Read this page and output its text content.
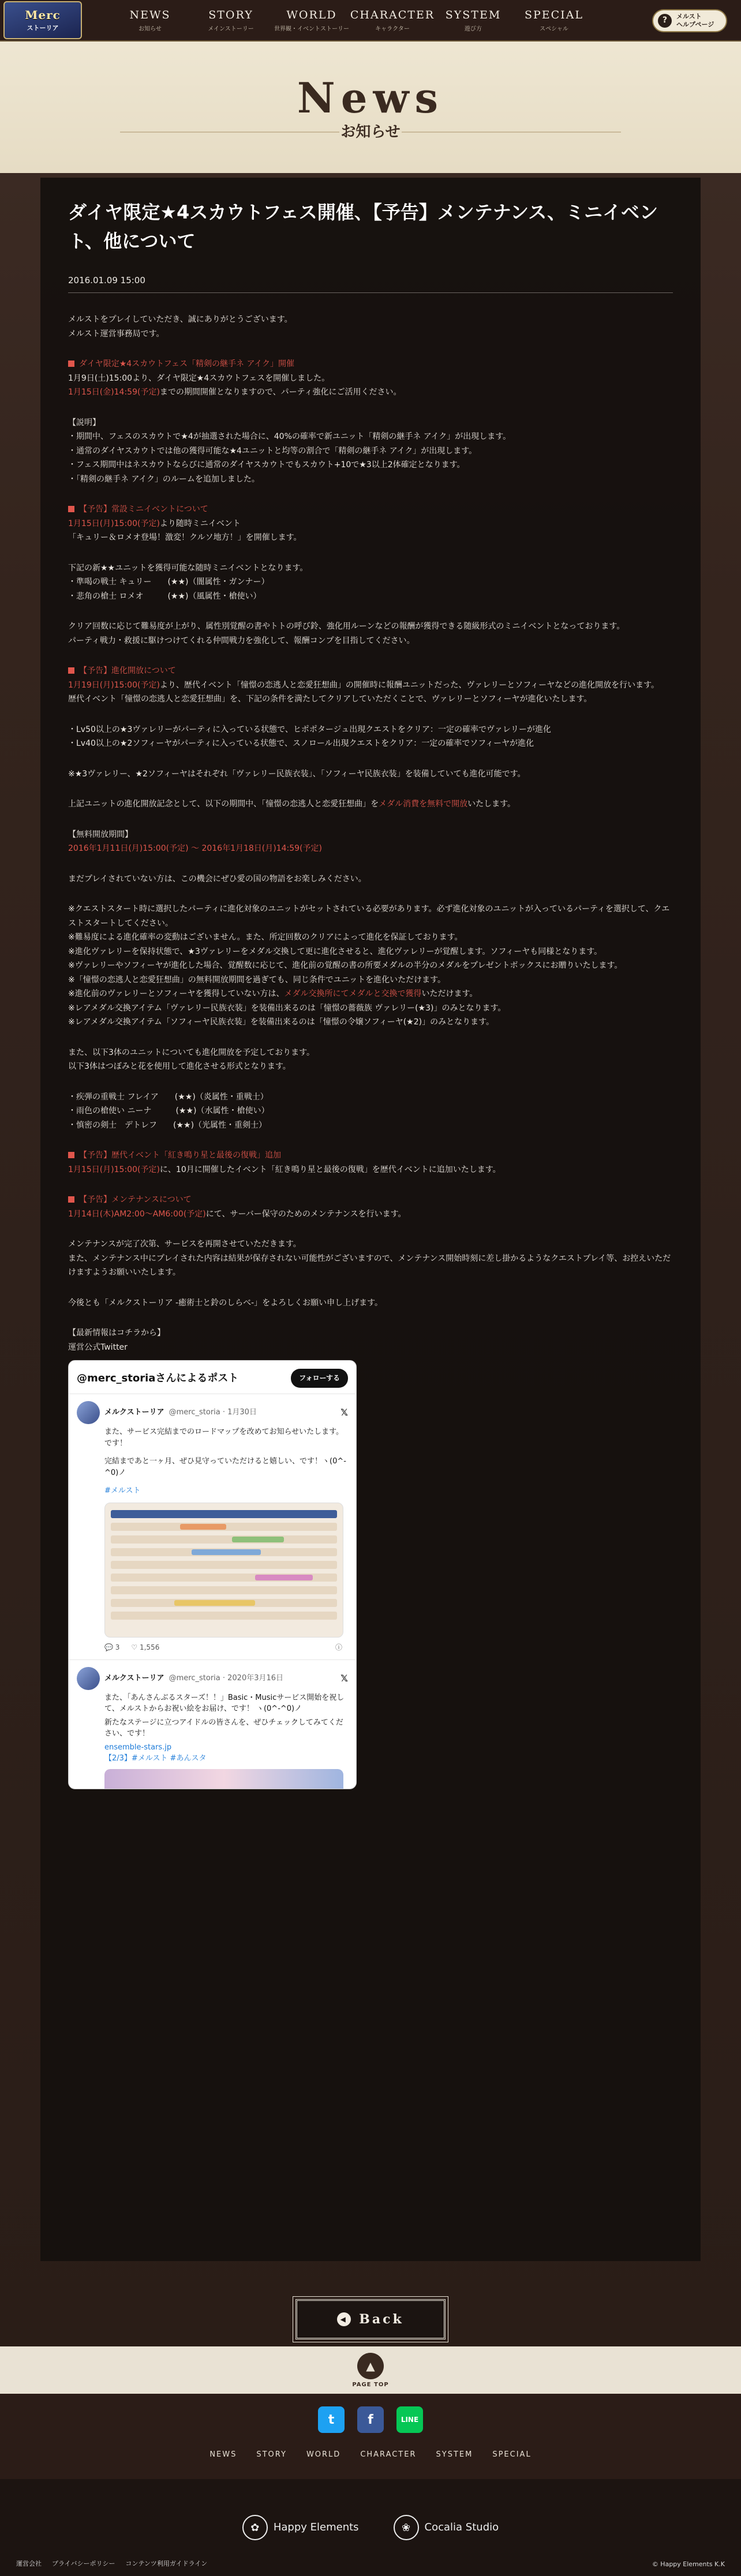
Merc
ストーリア
NEWS
お知らせ
STORY
メインストーリー
WORLD
世界観・イベントストーリー
CHARACTER
キャラクター
SYSTEM
遊び方
SPECIAL
スペシャル
?	メルスト
ヘルプページ
News
お知らせ
ダイヤ限定★4スカウトフェス開催、【予告】メンテナンス、ミニイベント、他について
2016.01.09 15:00

メルストをプレイしていただき、誠にありがとうございます。

メルスト運営事務局です。

ダイヤ限定★4スカウトフェス「精剣の継手ネ アイク」開催

1月9日(土)15:00より、ダイヤ限定★4スカウトフェスを開催しました。

1月15日(金)14:59(予定)までの期間開催となりますので、パーティ強化にご活用ください。

【説明】

・期間中、フェスのスカウトで★4が抽選された場合に、40%の確率で新ユニット「精剣の継手ネ アイク」が出現します。

・通常のダイヤスカウトでは他の獲得可能な★4ユニットと均等の割合で「精剣の継手ネ アイク」が出現します。

・フェス期間中はネスカウトならびに通常のダイヤスカウトでもスカウト+10で★3以上2体確定となります。

・「精剣の継手ネ アイク」のルームを追加しました。

【予告】常設ミニイベントについて

1月15日(月)15:00(予定)より随時ミニイベント

「キュリー＆ロメオ登場！激変！クルソ地方！」を開催します。

下記の新★★ユニットを獲得可能な随時ミニイベントとなります。

・準喝の戦士 キュリー　　(★★)（闇属性・ガンナー）

・悲角の槍士 ロメオ　　　(★★)（風属性・槍使い）

クリア回数に応じて難易度が上がり、属性別覚醒の書やトトの呼び鈴、強化用ルーンなどの報酬が獲得できる随級形式のミニイベントとなっております。

パーティ戦力・救援に駆けつけてくれる仲間戦力を強化して、報酬コンプを目指してください。

【予告】進化開放について

1月19日(月)15:00(予定)より、歴代イベント「憧憬の恋逃人と恋愛狂想曲」の開催時に報酬ユニットだった、ヴァレリーとソフィーヤなどの進化開放を行います。

歴代イベント「憧憬の恋逃人と恋愛狂想曲」を、下記の条件を満たしてクリアしていただくことで、ヴァレリーとソフィーヤが進化いたします。

・Lv50以上の★3ヴァレリーがパーティに入っている状態で、ヒポポタージュ出現クエストをクリア：一定の確率でヴァレリーが進化

・Lv40以上の★2ソフィーヤがパーティに入っている状態で、スノロール出現クエストをクリア：一定の確率でソフィーヤが進化

※★3ヴァレリー、★2ソフィーヤはそれぞれ「ヴァレリー民族衣装」、「ソフィーヤ民族衣装」を装備していても進化可能です。

上記ユニットの進化開放記念として、以下の期間中、「憧憬の恋逃人と恋愛狂想曲」をメダル消費を無料で開放いたします。

【無料開放期間】

2016年1月11日(月)15:00(予定) 〜 2016年1月18日(月)14:59(予定)

まだプレイされていない方は、この機会にぜひ愛の国の物語をお楽しみください。

※クエストスタート時に選択したパーティに進化対象のユニットがセットされている必要があります。必ず進化対象のユニットが入っているパーティを選択して、クエストスタートしてください。

※難易度による進化確率の変動はございません。また、所定回数のクリアによって進化を保証しております。

※進化ヴァレリーを保持状態で、★3ヴァレリーをメダル交換して更に進化させると、進化ヴァレリーが覚醒します。ソフィーヤも同様となります。

※ヴァレリーやソフィーヤが進化した場合、覚醒数に応じて、進化前の覚醒の書の所要メダルの半分のメダルをプレゼントボックスにお贈りいたします。

※「憧憬の恋逃人と恋愛狂想曲」の無料開放期間を過ぎても、同じ条件でユニットを進化いただけます。

※進化前のヴァレリーとソフィーヤを獲得していない方は、メダル交換所にてメダルと交換で獲得いただけます。

※レアメダル交換アイテム「ヴァレリー民族衣装」を装備出来るのは「憧憬の薔薇族 ヴァレリー(★3)」のみとなります。

※レアメダル交換アイテム「ソフィーヤ民族衣装」を装備出来るのは「憧憬の令嬢ソフィーヤ(★2)」のみとなります。

また、以下3体のユニットについても進化開放を予定しております。

以下3体はつぼみと花を使用して進化させる形式となります。

・疾弾の重戦士 フレイア　　(★★)（炎属性・重戦士）

・雨色の槍使い ニーナ　　　(★★)（水属性・槍使い）

・慎密の剣士　デトレフ　　(★★)（光属性・重剣士）

【予告】歴代イベント「紅き鳴り星と最後の復戦」追加

1月15日(月)15:00(予定)に、10月に開催したイベント「紅き鳴り星と最後の復戦」を歴代イベントに追加いたします。

【予告】メンテナンスについて

1月14日(木)AM2:00〜AM6:00(予定)にて、サーバー保守のためのメンテナンスを行います。

メンテナンスが完了次第、サービスを再開させていただきます。

また、メンテナンス中にプレイされた内容は結果が保存されない可能性がございますので、メンテナンス開始時刻に差し掛かるようなクエストプレイ等、お控えいただけますようお願いいたします。

今後とも「メルクストーリア -癒術士と鈴のしらべ-」をよろしくお願い申し上げます。

【最新情報はコチラから】

運営公式Twitter

@merc_storiaさんによるポスト	フォローする
メルクストーリア @merc_storia · 1月30日	𝕏
また、サービス完結までのロードマップを改めてお知らせいたします。です！
完結まであと一ヶ月、ぜひ見守っていただけると嬉しい、です！ヽ(0^-^0)ノ
#メルスト
💬 3 ♡ 1,556	ⓘ
メルクストーリア @merc_storia · 2020年3月16日	𝕏
また、「あんさんぶるスターズ！！」Basic・Musicサービス開始を祝して、メルストからお祝い絵をお届け、です！ ヽ(0^-^0)ノ
新たなステージに立つアイドルの皆さんを、ぜひチェックしてみてください、です！
ensemble-stars.jp
【2/3】#メルスト #あんスタ
◀ Back
▲
PAGE TOP
t	f	LINE
NEWS	STORY	WORLD	CHARACTER	SYSTEM	SPECIAL
✿	Happy Elements	❀	Cocalia Studio
運営会社 プライバシーポリシー コンテンツ利用ガイドライン	© Happy Elements K.K
